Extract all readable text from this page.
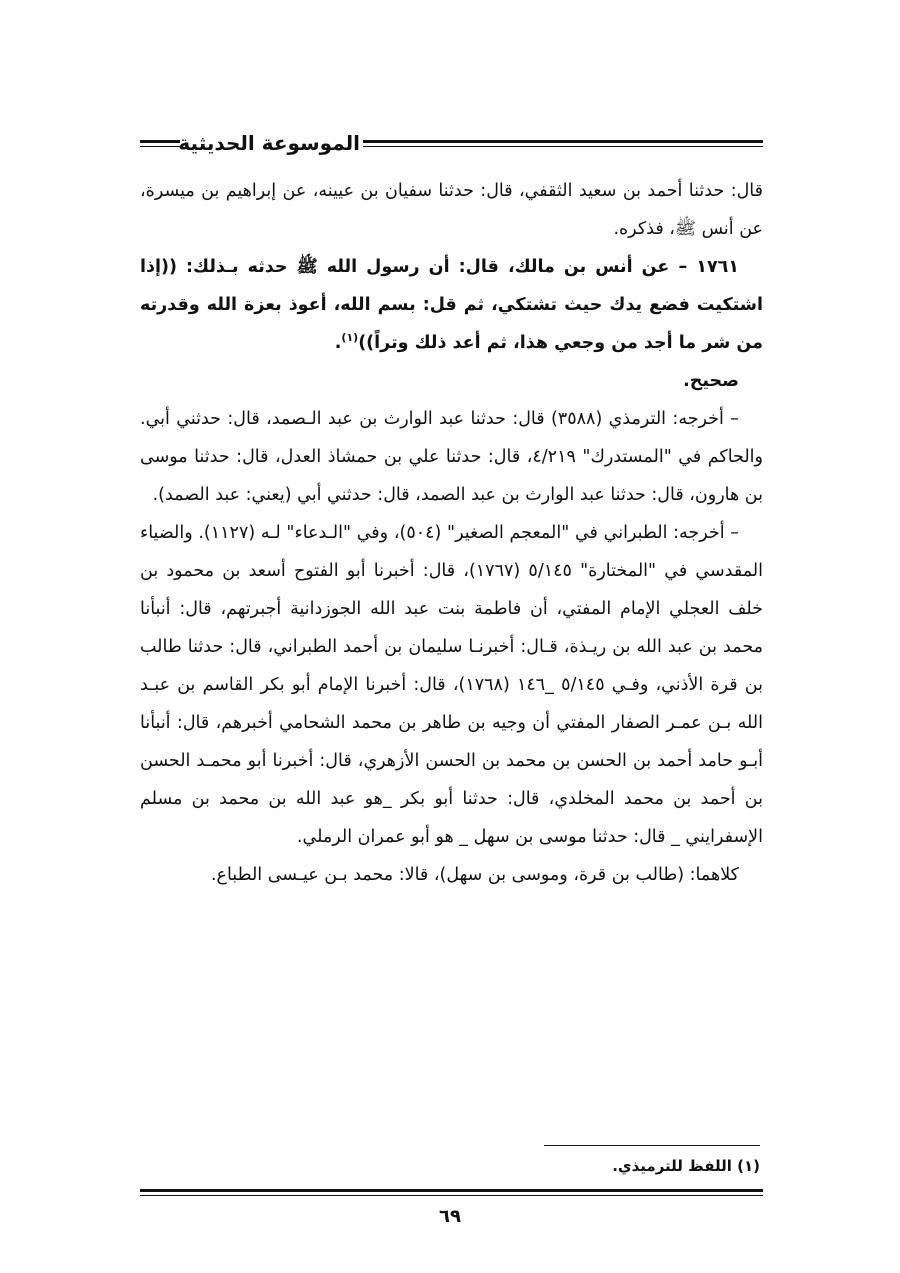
الموسوعة الحديثية

قال: حدثنا أحمد بن سعيد الثقفي، قال: حدثنا سفيان بن عيينه، عن إبراهيم بن ميسرة، عن أنس ﷺ، فذكره.

١٧٦١ – عن أنس بن مالك، قال: أن رسول الله ﷺ حدثه بـذلك: ((إذا اشتكيت فضع يدك حيث تشتكي، ثم قل: بسم الله، أعوذ بعزة الله وقدرته من شر ما أجد من وجعي هذا، ثم أعد ذلك وتراً))$^{(١)}$.

صحيح.

– أخرجه: الترمذي (٣٥٨٨) قال: حدثنا عبد الوارث بن عبد الـصمد، قال: حدثني أبي. والحاكم في "المستدرك" ٤/٢١٩، قال: حدثنا علي بن حمشاذ العدل، قال: حدثنا موسى بن هارون، قال: حدثنا عبد الوارث بن عبد الصمد، قال: حدثني أبي (يعني: عبد الصمد).

– أخرجه: الطبراني في "المعجم الصغير" (٥٠٤)، وفي "الـدعاء" لـه (١١٢٧). والضياء المقدسي في "المختارة" ٥/١٤٥ (١٧٦٧)، قال: أخبرنا أبو الفتوح أسعد بن محمود بن خلف العجلي الإمام المفتي، أن فاطمة بنت عبد الله الجوزدانية أجبرتهم، قال: أنبأنا محمد بن عبد الله بن ريـذة، قـال: أخبرنـا سليمان بن أحمد الطبراني، قال: حدثنا طالب بن قرة الأذني، وفـي ٥/١٤٥ _١٤٦ (١٧٦٨)، قال: أخبرنا الإمام أبو بكر القاسم بن عبـد الله بـن عمـر الصفار المفتي أن وجيه بن طاهر بن محمد الشحامي أخبرهم، قال: أنبأنا أبـو حامد أحمد بن الحسن بن محمد بن الحسن الأزهري، قال: أخبرنا أبو محمـد الحسن بن أحمد بن محمد المخلدي، قال: حدثنا أبو بكر _هو عبد الله بن محمد بن مسلم الإسفرايني _ قال: حدثنا موسى بن سهل _ هو أبو عمران الرملي.

كلاهما: (طالب بن قرة، وموسى بن سهل)، قالا: محمد بـن عيـسى الطباع.

(١) اللفظ للترميذي.
٦٩
